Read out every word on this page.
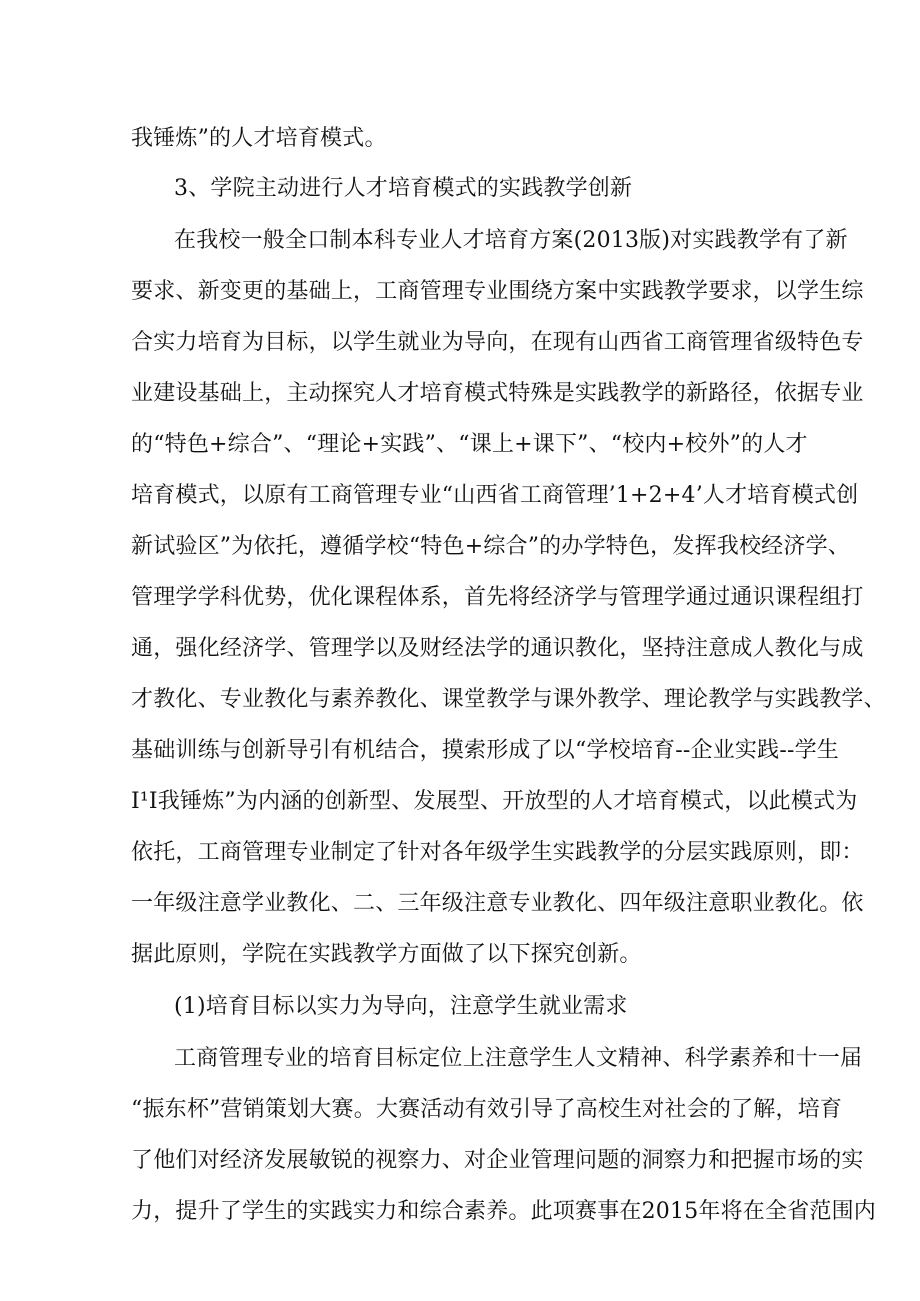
我锤炼”的人才培育模式。
3、学院主动进行人才培育模式的实践教学创新
在我校一般全口制本科专业人才培育方案(2013版)对实践教学有了新
要求、新变更的基础上，工商管理专业围绕方案中实践教学要求，以学生综
合实力培育为目标，以学生就业为导向，在现有山西省工商管理省级特色专
业建设基础上，主动探究人才培育模式特殊是实践教学的新路径，依据专业
的“特色+综合”、“理论+实践”、“课上+课下”、“校内+校外”的人才
培育模式，以原有工商管理专业“山西省工商管理’1+2+4’人才培育模式创
新试验区”为依托，遵循学校“特色+综合”的办学特色，发挥我校经济学、
管理学学科优势，优化课程体系，首先将经济学与管理学通过通识课程组打
通，强化经济学、管理学以及财经法学的通识教化，坚持注意成人教化与成
才教化、专业教化与素养教化、课堂教学与课外教学、理论教学与实践教学、
基础训练与创新导引有机结合，摸索形成了以“学校培育--企业实践--学生
I¹I我锤炼”为内涵的创新型、发展型、开放型的人才培育模式，以此模式为
依托，工商管理专业制定了针对各年级学生实践教学的分层实践原则，即：
一年级注意学业教化、二、三年级注意专业教化、四年级注意职业教化。依
据此原则，学院在实践教学方面做了以下探究创新。
(1)培育目标以实力为导向，注意学生就业需求
工商管理专业的培育目标定位上注意学生人文精神、科学素养和十一届
“振东杯”营销策划大赛。大赛活动有效引导了高校生对社会的了解，培育
了他们对经济发展敏锐的视察力、对企业管理问题的洞察力和把握市场的实
力，提升了学生的实践实力和综合素养。此项赛事在2015年将在全省范围内
